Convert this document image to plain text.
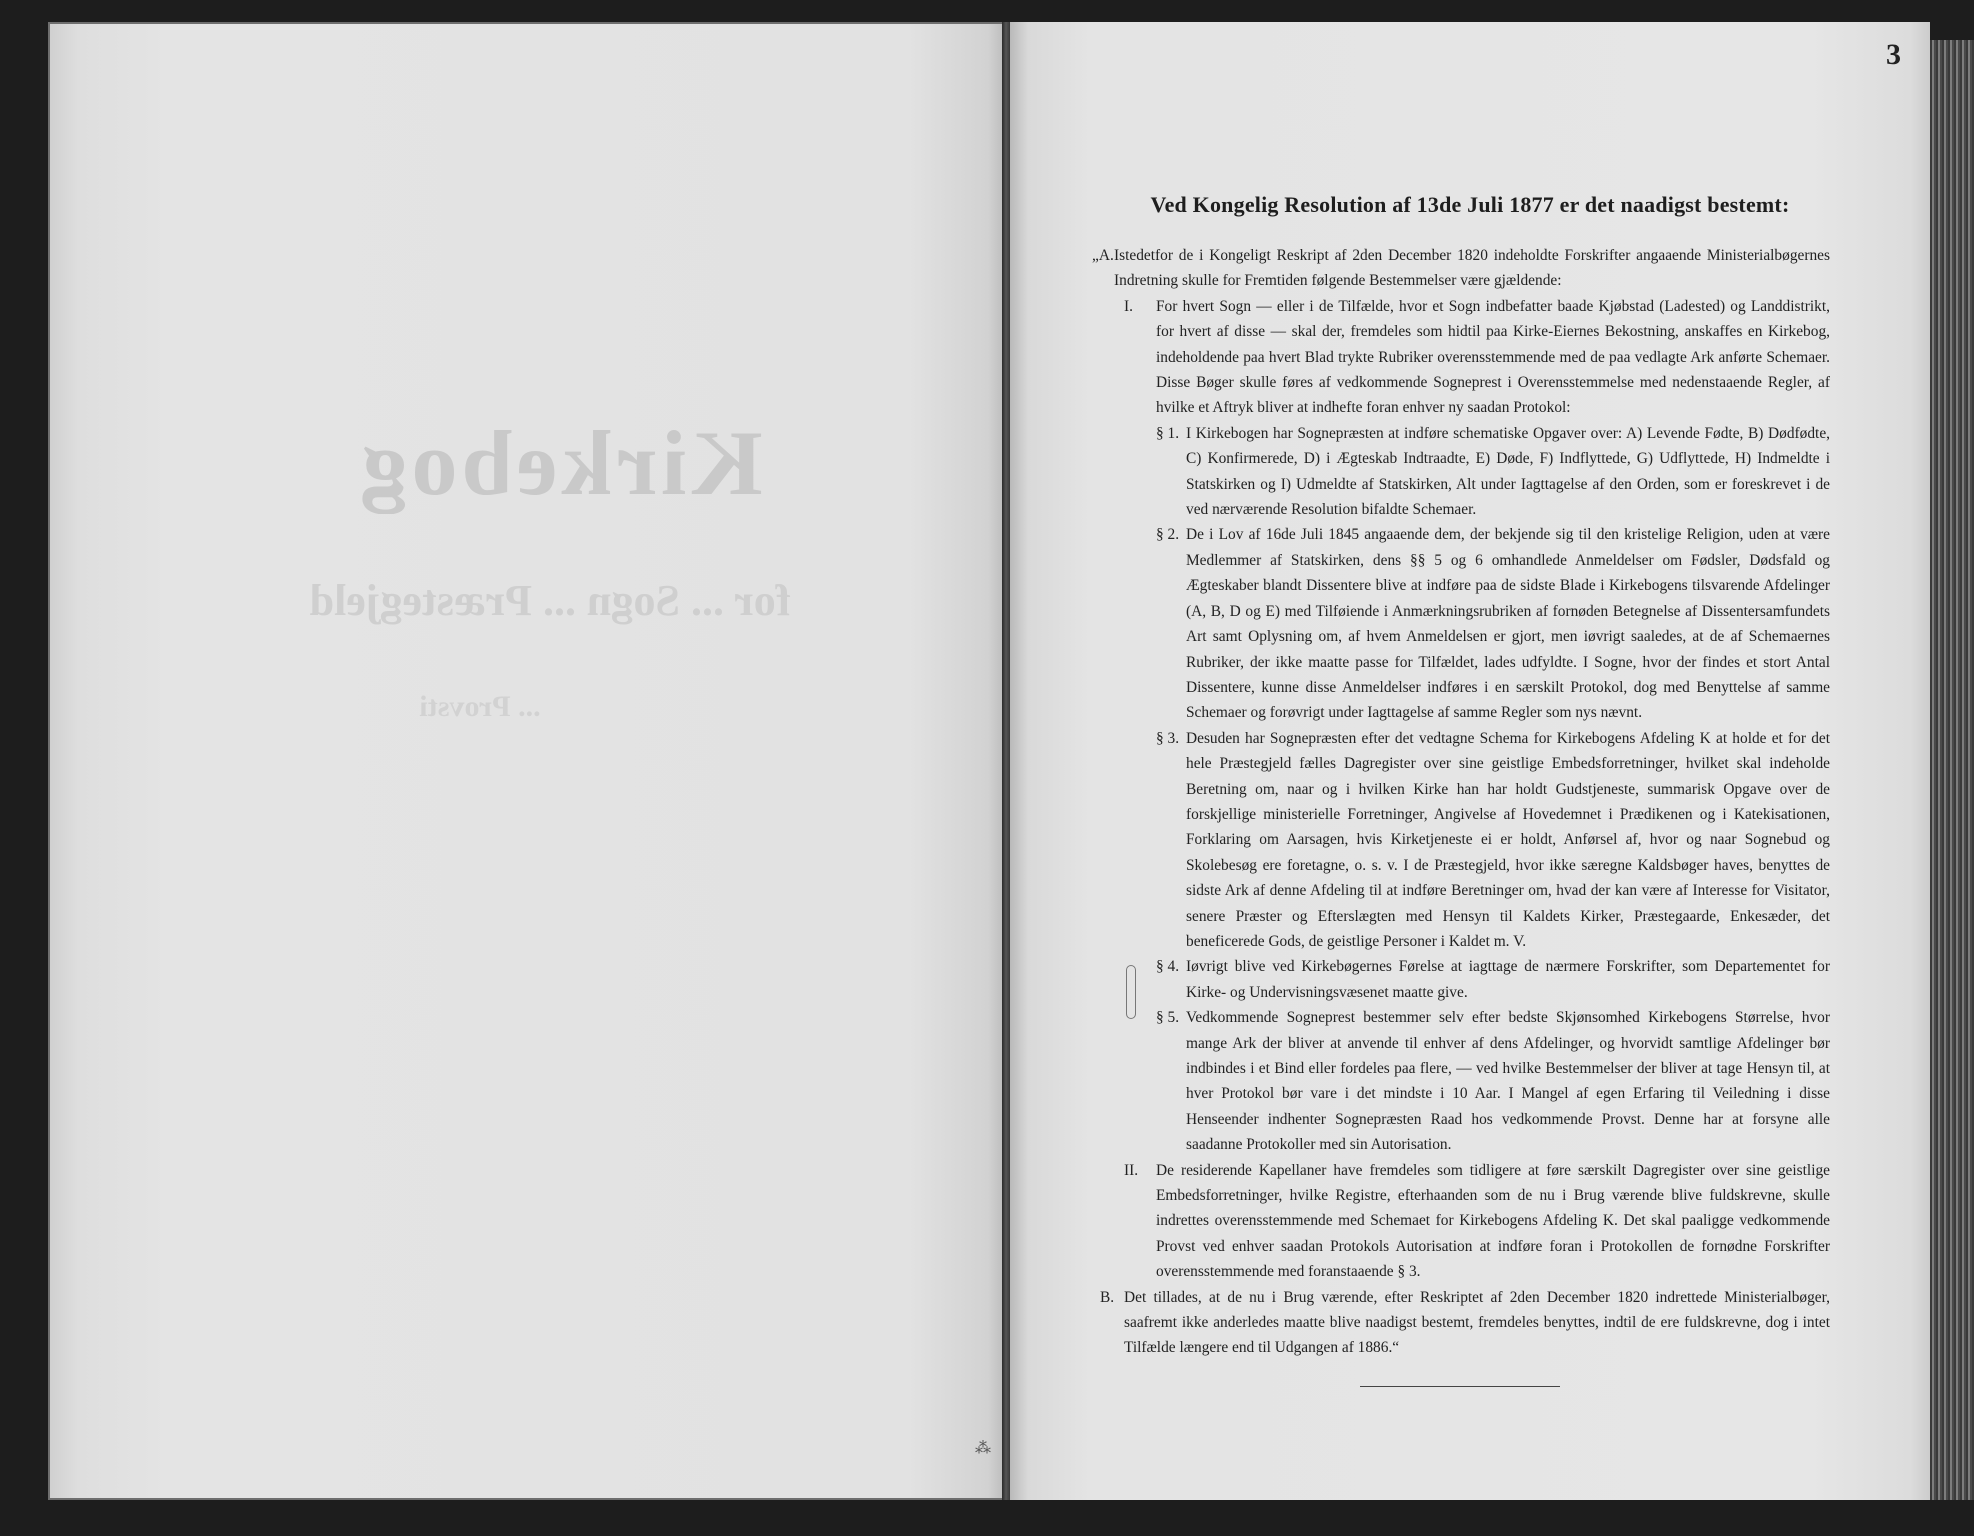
Kirkebog
for ... Sogn ... Præstegjeld
... Provsti
3
Ved Kongelig Resolution af 13de Juli 1877 er det naadigst bestemt:

„A. Istedetfor de i Kongeligt Reskript af 2den December 1820 indeholdte Forskrifter angaaende Ministerialbøgernes Indretning skulle for Fremtiden følgende Bestemmelser være gjældende:

I.	For hvert Sogn — eller i de Tilfælde, hvor et Sogn indbefatter baade Kjøbstad (Ladested) og Landdistrikt, for hvert af disse — skal der, fremdeles som hidtil paa Kirke-Eiernes Bekostning, anskaffes en Kirkebog, indeholdende paa hvert Blad trykte Rubriker overensstemmende med de paa vedlagte Ark anførte Schemaer. Disse Bøger skulle føres af vedkommende Sogneprest i Overensstemmelse med nedenstaaende Regler, af hvilke et Aftryk bliver at indhefte foran enhver ny saadan Protokol:

§ 1. I Kirkebogen har Sognepræsten at indføre schematiske Opgaver over: A) Levende Fødte, B) Dødfødte, C) Konfirmerede, D) i Ægteskab Indtraadte, E) Døde, F) Indflyttede, G) Udflyttede, H) Indmeldte i Statskirken og I) Udmeldte af Statskirken, Alt under Iagttagelse af den Orden, som er foreskrevet i de ved nærværende Resolution bifaldte Schemaer.

§ 2. De i Lov af 16de Juli 1845 angaaende dem, der bekjende sig til den kristelige Religion, uden at være Medlemmer af Statskirken, dens §§ 5 og 6 omhandlede Anmeldelser om Fødsler, Dødsfald og Ægteskaber blandt Dissentere blive at indføre paa de sidste Blade i Kirkebogens tilsvarende Afdelinger (A, B, D og E) med Tilføiende i Anmærkningsrubriken af fornøden Betegnelse af Dissentersamfundets Art samt Oplysning om, af hvem Anmeldelsen er gjort, men iøvrigt saaledes, at de af Schemaernes Rubriker, der ikke maatte passe for Tilfældet, lades udfyldte. I Sogne, hvor der findes et stort Antal Dissentere, kunne disse Anmeldelser indføres i en særskilt Protokol, dog med Benyttelse af samme Schemaer og forøvrigt under Iagttagelse af samme Regler som nys nævnt.

§ 3. Desuden har Sognepræsten efter det vedtagne Schema for Kirkebogens Afdeling K at holde et for det hele Præstegjeld fælles Dagregister over sine geistlige Embedsforretninger, hvilket skal indeholde Beretning om, naar og i hvilken Kirke han har holdt Gudstjeneste, summarisk Opgave over de forskjellige ministerielle Forretninger, Angivelse af Hovedemnet i Prædikenen og i Katekisationen, Forklaring om Aarsagen, hvis Kirketjeneste ei er holdt, Anførsel af, hvor og naar Sognebud og Skolebesøg ere foretagne, o. s. v. I de Præstegjeld, hvor ikke særegne Kaldsbøger haves, benyttes de sidste Ark af denne Afdeling til at indføre Beretninger om, hvad der kan være af Interesse for Visitator, senere Præster og Efterslægten med Hensyn til Kaldets Kirker, Præstegaarde, Enkesæder, det beneficerede Gods, de geistlige Personer i Kaldet m. V.

§ 4. Iøvrigt blive ved Kirkebøgernes Førelse at iagttage de nærmere Forskrifter, som Departementet for Kirke- og Undervisningsvæsenet maatte give.

§ 5. Vedkommende Sogneprest bestemmer selv efter bedste Skjønsomhed Kirkebogens Størrelse, hvor mange Ark der bliver at anvende til enhver af dens Afdelinger, og hvorvidt samtlige Afdelinger bør indbindes i et Bind eller fordeles paa flere, — ved hvilke Bestemmelser der bliver at tage Hensyn til, at hver Protokol bør vare i det mindste i 10 Aar. I Mangel af egen Erfaring til Veiledning i disse Henseender indhenter Sognepræsten Raad hos vedkommende Provst. Denne har at forsyne alle saadanne Protokoller med sin Autorisation.

II.	De residerende Kapellaner have fremdeles som tidligere at føre særskilt Dagregister over sine geistlige Embedsforretninger, hvilke Registre, efterhaanden som de nu i Brug værende blive fuldskrevne, skulle indrettes overensstemmende med Schemaet for Kirkebogens Afdeling K. Det skal paaligge vedkommende Provst ved enhver saadan Protokols Autorisation at indføre foran i Protokollen de fornødne Forskrifter overensstemmende med foranstaaende § 3.

B. Det tillades, at de nu i Brug værende, efter Reskriptet af 2den December 1820 indrettede Ministerialbøger, saafremt ikke anderledes maatte blive naadigst bestemt, fremdeles benyttes, indtil de ere fuldskrevne, dog i intet Tilfælde længere end til Udgangen af 1886.“

⁂
